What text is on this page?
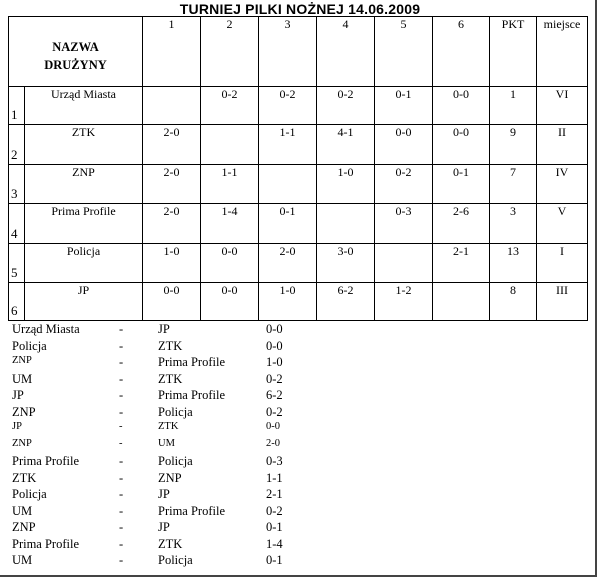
TURNIEJ PILKI NOŻNEJ 14.06.2009
NAZWA
DRUŻYNY		1	2	3	4	5	6	PKT	miejsce

1	Urząd Miasta		0-2	0-2	0-2	0-1	0-0	1	VI

2	ZTK	2-0		1-1	4-1	0-0	0-0	9	II

3	ZNP	2-0	1-1		1-0	0-2	0-1	7	IV

4	Prima Profile	2-0	1-4	0-1		0-3	2-6	3	V

5	Policja	1-0	0-0	2-0	3-0		2-1	13	I

6	JP	0-0	0-0	1-0	6-2	1-2		8	III
Urząd Miasta	-	JP	0-0
Policja	-	ZTK	0-0
ZNP	-	Prima Profile	1-0
UM	-	ZTK	0-2
JP	-	Prima Profile	6-2
ZNP	-	Policja	0-2
JP	-	ZTK	0-0
ZNP	-	UM	2-0
Prima Profile	-	Policja	0-3
ZTK	-	ZNP	1-1
Policja	-	JP	2-1
UM	-	Prima Profile	0-2
ZNP	-	JP	0-1
Prima Profile	-	ZTK	1-4
UM	-	Policja	0-1
